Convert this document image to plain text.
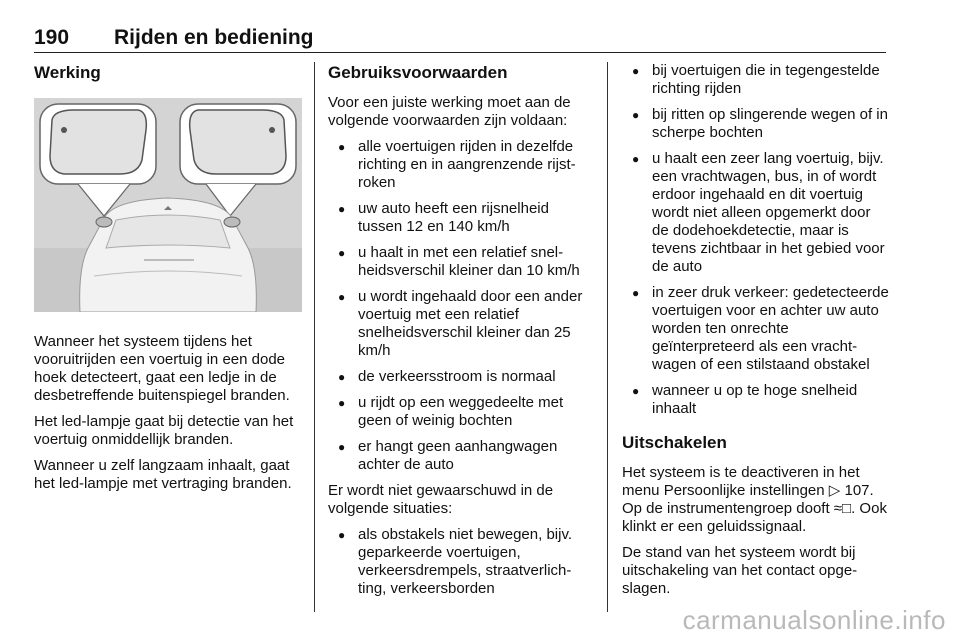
190 Rijden en bediening
Werking

Wanneer het systeem tijdens het vooruitrijden een voertuig in een dode hoek detecteert, gaat een ledje in de desbetreffende buitenspiegel branden.

Het led-lampje gaat bij detectie van het voertuig onmiddellijk branden.

Wanneer u zelf langzaam inhaalt, gaat het led-lampje met vertraging branden.

Gebruiksvoorwaarden

Voor een juiste werking moet aan de volgende voorwaarden zijn voldaan:

● alle voertuigen rijden in dezelfde richting en in aangrenzende rijstroken
● uw auto heeft een rijsnelheid tussen 12 en 140 km/h
● u haalt in met een relatief snelheidsverschil kleiner dan 10 km/h
● u wordt ingehaald door een ander voertuig met een relatief snelheidsverschil kleiner dan 25 km/h
● de verkeersstroom is normaal
● u rijdt op een weggedeelte met geen of weinig bochten
● er hangt geen aanhangwagen achter de auto

Er wordt niet gewaarschuwd in de volgende situaties:

● als obstakels niet bewegen, bijv. geparkeerde voertuigen, verkeersdrempels, straatverlichting, verkeersborden
● bij voertuigen die in tegengestelde richting rijden
● bij ritten op slingerende wegen of in scherpe bochten
● u haalt een zeer lang voertuig, bijv. een vrachtwagen, bus, in of wordt erdoor ingehaald en dit voertuig wordt niet alleen opgemerkt door de dodehoekdetectie, maar is tevens zichtbaar in het gebied voor de auto
● in zeer druk verkeer: gedetecteerde voertuigen voor en achter uw auto worden ten onrechte geïnterpreteerd als een vrachtwagen of een stilstaand obstakel
● wanneer u op te hoge snelheid inhaalt
Uitschakelen

Het systeem is te deactiveren in het menu Persoonlijke instellingen ▷ 107. Op de instrumentengroep dooft ≈□. Ook klinkt er een geluidssignaal.

De stand van het systeem wordt bij uitschakeling van het contact opgeslagen.

carmanualsonline.info
